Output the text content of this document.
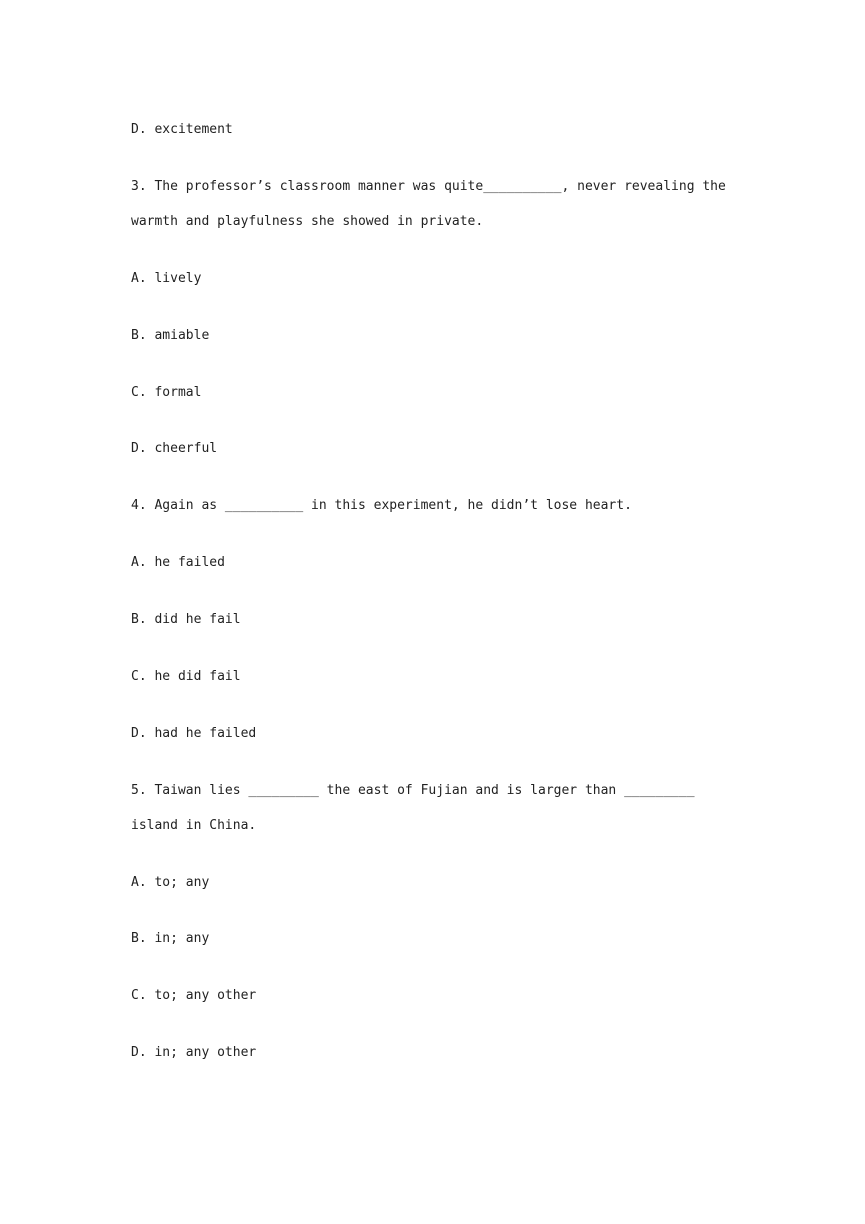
D. excitement
3. The professor’s classroom manner was quite__________, never revealing the
warmth and playfulness she showed in private.
A. lively
B. amiable
C. formal
D. cheerful
4. Again as __________ in this experiment, he didn’t lose heart.
A. he failed
B. did he fail
C. he did fail
D. had he failed
5. Taiwan lies _________ the east of Fujian and is larger than _________
island in China.
A. to; any
B. in; any
C. to; any other
D. in; any other
